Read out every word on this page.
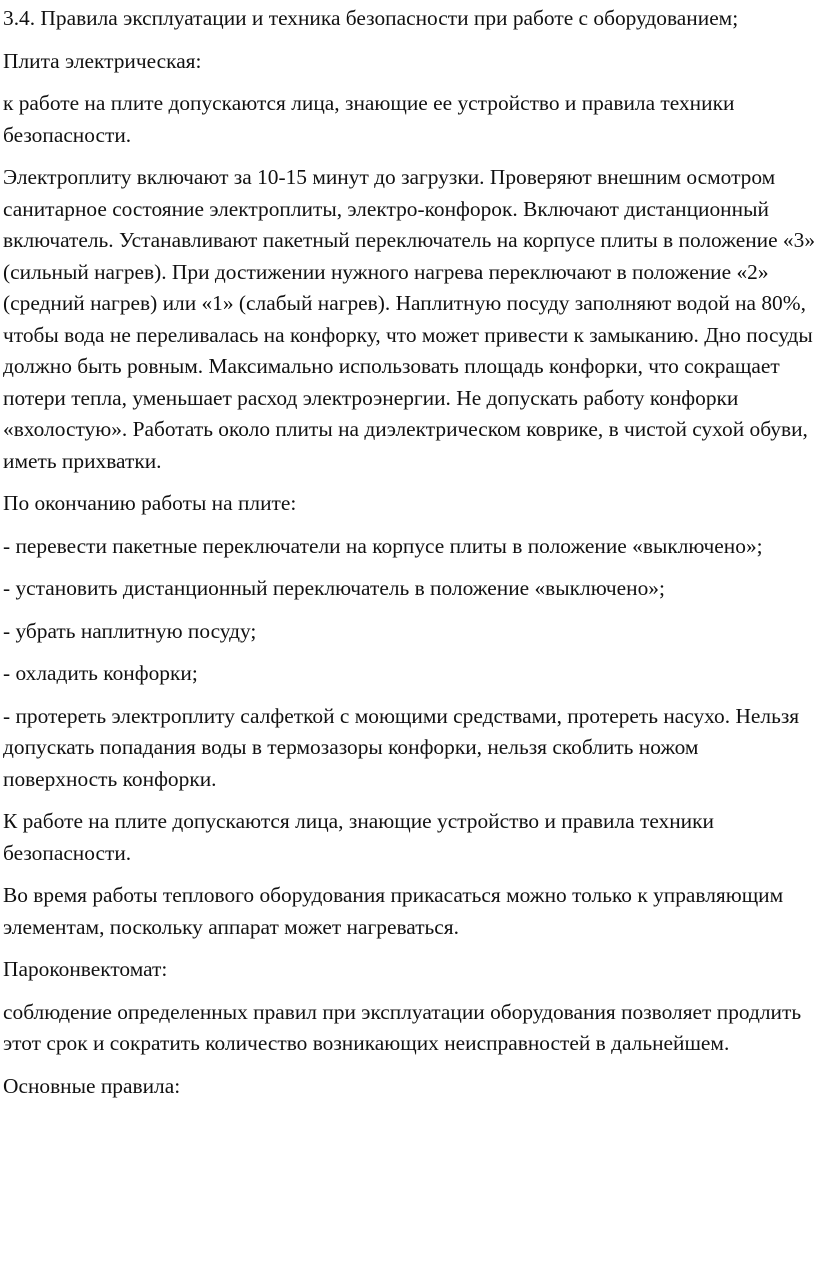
3.4. Правила эксплуатации и техника безопасности при работе с оборудованием;

Плита электрическая:

к работе на плите допускаются лица, знающие ее устройство и правила техники безопасности.

Электроплиту включают за 10-15 минут до загрузки. Проверяют внешним осмотром санитарное состояние электроплиты, электро-конфорок. Включают дистанционный включатель. Устанавливают пакетный переключатель на корпусе плиты в положение «3» (сильный нагрев). При достижении нужного нагрева переключают в положение «2» (средний нагрев) или «1» (слабый нагрев). Наплитную посуду заполняют водой на 80%, чтобы вода не переливалась на конфорку, что может привести к замыканию. Дно посуды должно быть ровным. Максимально использовать площадь конфорки, что сокращает потери тепла, уменьшает расход электроэнергии. Не допускать работу конфорки «вхолостую». Работать около плиты на диэлектрическом коврике, в чистой сухой обуви, иметь прихватки.

По окончанию работы на плите:

- перевести пакетные переключатели на корпусе плиты в положение «выключено»;

- установить дистанционный переключатель в положение «выключено»;

- убрать наплитную посуду;

- охладить конфорки;

- протереть электроплиту салфеткой с моющими средствами, протереть насухо. Нельзя допускать попадания воды в термозазоры конфорки, нельзя скоблить ножом поверхность конфорки.

К работе на плите допускаются лица, знающие устройство и правила техники безопасности.

Во время работы теплового оборудования прикасаться можно только к управляющим элементам, поскольку аппарат может нагреваться.

Пароконвектомат:

соблюдение определенных правил при эксплуатации оборудования позволяет продлить этот срок и сократить количество возникающих неисправностей в дальнейшем.

Основные правила:
